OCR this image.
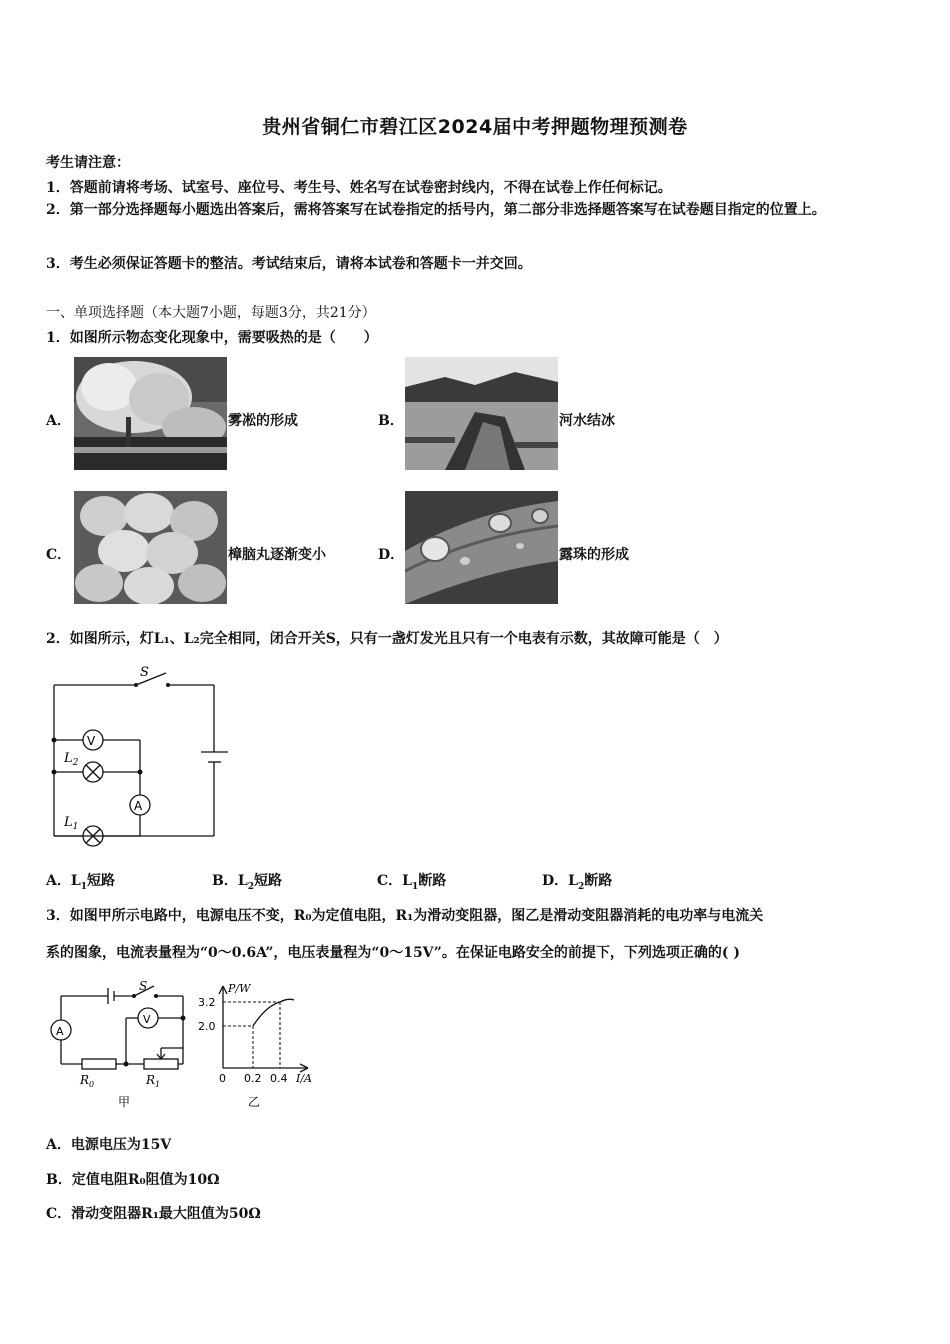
贵州省铜仁市碧江区2024届中考押题物理预测卷
考生请注意：
1．答题前请将考场、试室号、座位号、考生号、姓名写在试卷密封线内，不得在试卷上作任何标记。
2．第一部分选择题每小题选出答案后，需将答案写在试卷指定的括号内，第二部分非选择题答案写在试卷题目指定的位置上。
3．考生必须保证答题卡的整洁。考试结束后，请将本试卷和答题卡一并交回。
一、单项选择题（本大题7小题，每题3分，共21分）
1．如图所示物态变化现象中，需要吸热的是（　　）
A．	雾凇的形成	B．	河水结冰
C．	樟脑丸逐渐变小	D．	露珠的形成
2．如图所示，灯L₁、L₂完全相同，闭合开关S，只有一盏灯发光且只有一个电表有示数，其故障可能是（　）
S
V
A
$L_2$
$L_1$
A．$L_1$短路	B．$L_2$短路	C．$L_1$断路	D．$L_2$断路
3．如图甲所示电路中，电源电压不变，R₀为定值电阻，R₁为滑动变阻器，图乙是滑动变阻器消耗的电功率与电流关
系的图象，电流表量程为“0～0.6A”，电压表量程为“0～15V”。在保证电路安全的前提下，下列选项正确的( )
S
A
V
$R_0$	$R_1$
甲
P/W
3.2
2.0
0 0.2 0.4 I/A
乙
A．电源电压为15V
B．定值电阻R₀阻值为10Ω
C．滑动变阻器R₁最大阻值为50Ω
